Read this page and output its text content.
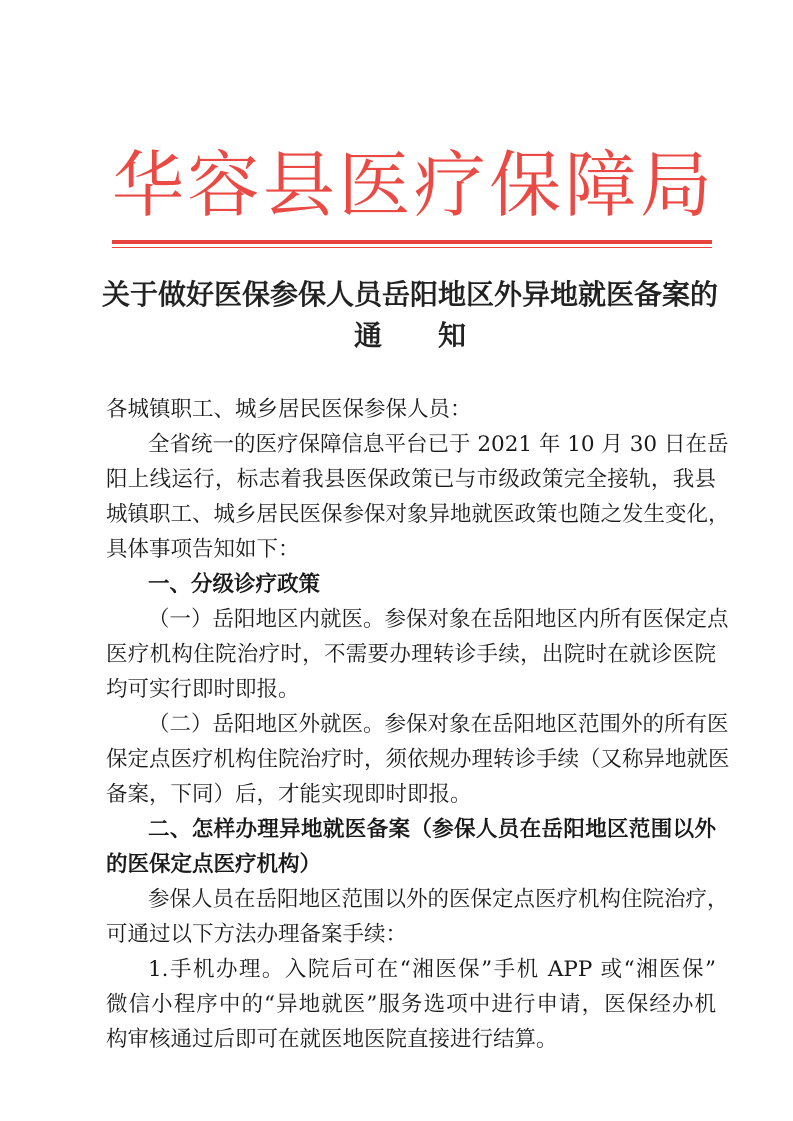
华 容 县 医 疗 保 障 局
关于做好医保参保人员岳阳地区外异地就医备案的
通 知
各城镇职工、城乡居民医保参保人员：
全省统一的医疗保障信息平台已于 2021 年 10 月 30 日在岳
阳上线运行，标志着我县医保政策已与市级政策完全接轨，我县
城镇职工、城乡居民医保参保对象异地就医政策也随之发生变化，
具体事项告知如下：
一、分级诊疗政策
（一）岳阳地区内就医。参保对象在岳阳地区内所有医保定点
医疗机构住院治疗时，不需要办理转诊手续，出院时在就诊医院
均可实行即时即报。
（二）岳阳地区外就医。参保对象在岳阳地区范围外的所有医
保定点医疗机构住院治疗时，须依规办理转诊手续（又称异地就医
备案，下同）后，才能实现即时即报。
二、怎样办理异地就医备案（参保人员在岳阳地区范围以外
的医保定点医疗机构）
参保人员在岳阳地区范围以外的医保定点医疗机构住院治疗，
可通过以下方法办理备案手续：
1.手机办理。入院后可在“湘医保”手机 APP 或“湘医保”
微信小程序中的“异地就医”服务选项中进行申请，医保经办机
构审核通过后即可在就医地医院直接进行结算。
